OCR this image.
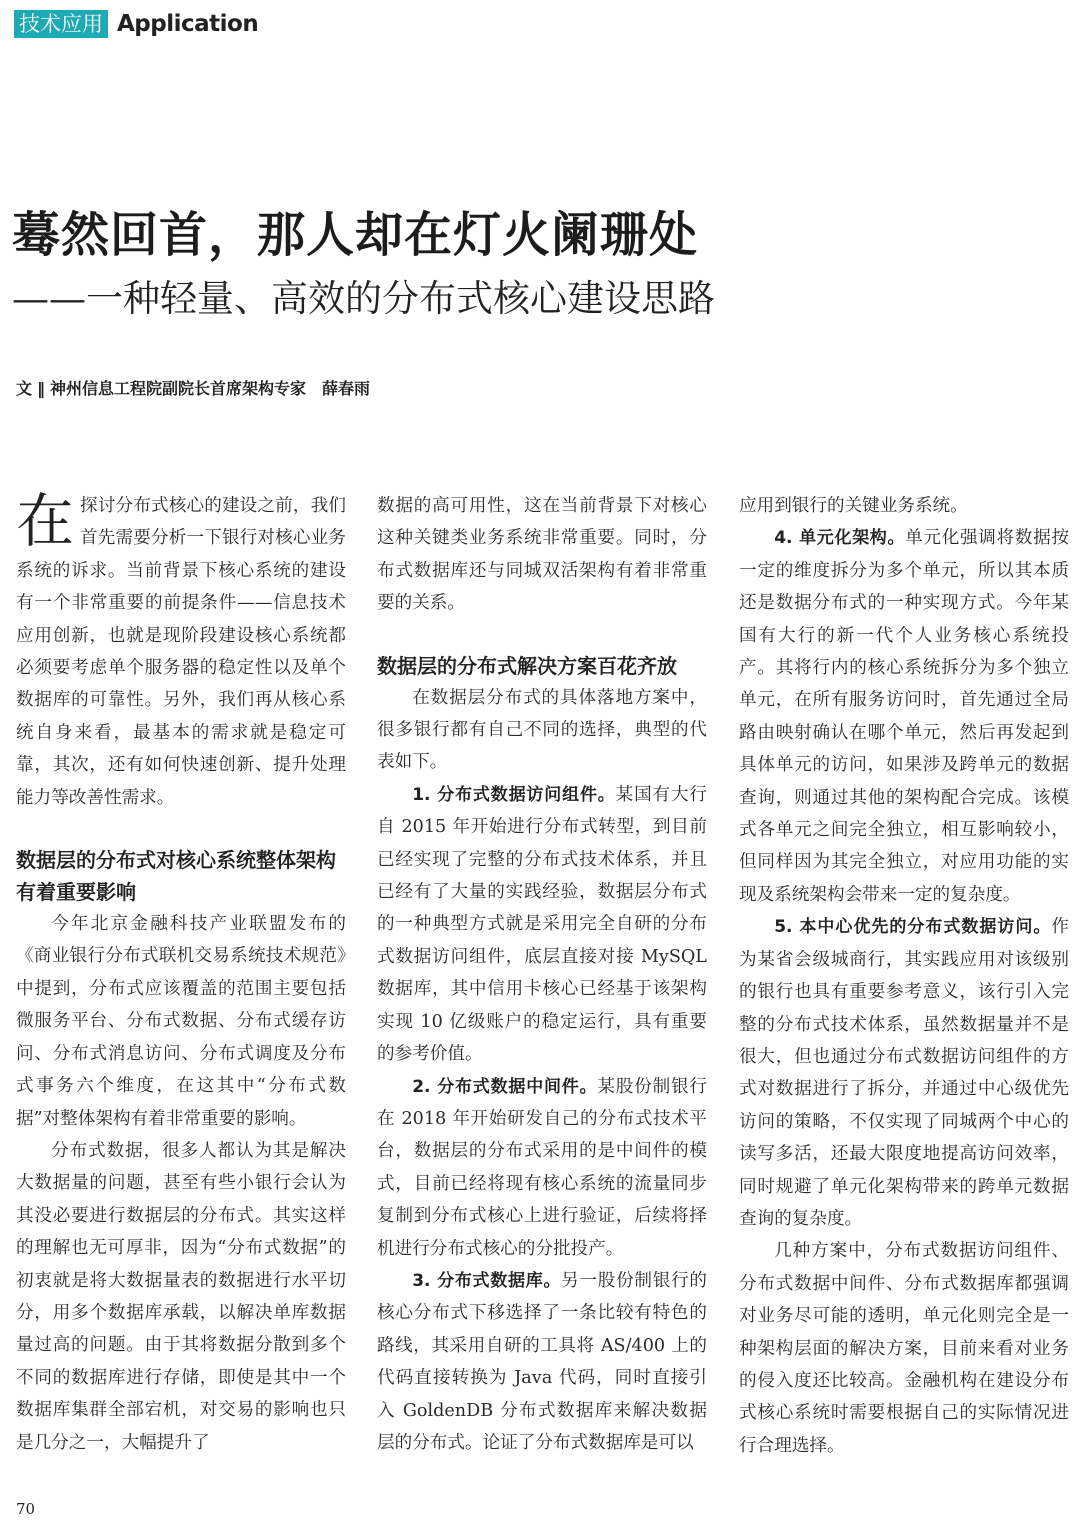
技术应用 Application
蓦然回首，那人却在灯火阑珊处
——一种轻量、高效的分布式核心建设思路
文 ‖ 神州信息工程院副院长首席架构专家 薛春雨

在探讨分布式核心的建设之前，我们首先需要分析一下银行对核心业务系统的诉求。当前背景下核心系统的建设有一个非常重要的前提条件——信息技术应用创新，也就是现阶段建设核心系统都必须要考虑单个服务器的稳定性以及单个数据库的可靠性。另外，我们再从核心系统自身来看，最基本的需求就是稳定可靠，其次，还有如何快速创新、提升处理能力等改善性需求。

数据层的分布式对核心系统整体架构有着重要影响

今年北京金融科技产业联盟发布的《商业银行分布式联机交易系统技术规范》中提到，分布式应该覆盖的范围主要包括微服务平台、分布式数据、分布式缓存访问、分布式消息访问、分布式调度及分布式事务六个维度，在这其中“分布式数据”对整体架构有着非常重要的影响。

分布式数据，很多人都认为其是解决大数据量的问题，甚至有些小银行会认为其没必要进行数据层的分布式。其实这样的理解也无可厚非，因为“分布式数据”的初衷就是将大数据量表的数据进行水平切分，用多个数据库承载，以解决单库数据量过高的问题。由于其将数据分散到多个不同的数据库进行存储，即使是其中一个数据库集群全部宕机，对交易的影响也只是几分之一，大幅提升了

数据的高可用性，这在当前背景下对核心这种关键类业务系统非常重要。同时，分布式数据库还与同城双活架构有着非常重要的关系。

数据层的分布式解决方案百花齐放

在数据层分布式的具体落地方案中，很多银行都有自己不同的选择，典型的代表如下。

1. 分布式数据访问组件。某国有大行自 2015 年开始进行分布式转型，到目前已经实现了完整的分布式技术体系，并且已经有了大量的实践经验，数据层分布式的一种典型方式就是采用完全自研的分布式数据访问组件，底层直接对接 MySQL 数据库，其中信用卡核心已经基于该架构实现 10 亿级账户的稳定运行，具有重要的参考价值。

2. 分布式数据中间件。某股份制银行在 2018 年开始研发自己的分布式技术平台，数据层的分布式采用的是中间件的模式，目前已经将现有核心系统的流量同步复制到分布式核心上进行验证，后续将择机进行分布式核心的分批投产。

3. 分布式数据库。另一股份制银行的核心分布式下移选择了一条比较有特色的路线，其采用自研的工具将 AS/400 上的代码直接转换为 Java 代码，同时直接引入 GoldenDB 分布式数据库来解决数据层的分布式。论证了分布式数据库是可以

应用到银行的关键业务系统。

4. 单元化架构。单元化强调将数据按一定的维度拆分为多个单元，所以其本质还是数据分布式的一种实现方式。今年某国有大行的新一代个人业务核心系统投产。其将行内的核心系统拆分为多个独立单元，在所有服务访问时，首先通过全局路由映射确认在哪个单元，然后再发起到具体单元的访问，如果涉及跨单元的数据查询，则通过其他的架构配合完成。该模式各单元之间完全独立，相互影响较小，但同样因为其完全独立，对应用功能的实现及系统架构会带来一定的复杂度。

5. 本中心优先的分布式数据访问。作为某省会级城商行，其实践应用对该级别的银行也具有重要参考意义，该行引入完整的分布式技术体系，虽然数据量并不是很大，但也通过分布式数据访问组件的方式对数据进行了拆分，并通过中心级优先访问的策略，不仅实现了同城两个中心的读写多活，还最大限度地提高访问效率，同时规避了单元化架构带来的跨单元数据查询的复杂度。

几种方案中，分布式数据访问组件、分布式数据中间件、分布式数据库都强调对业务尽可能的透明，单元化则完全是一种架构层面的解决方案，目前来看对业务的侵入度还比较高。金融机构在建设分布式核心系统时需要根据自己的实际情况进行合理选择。

70
